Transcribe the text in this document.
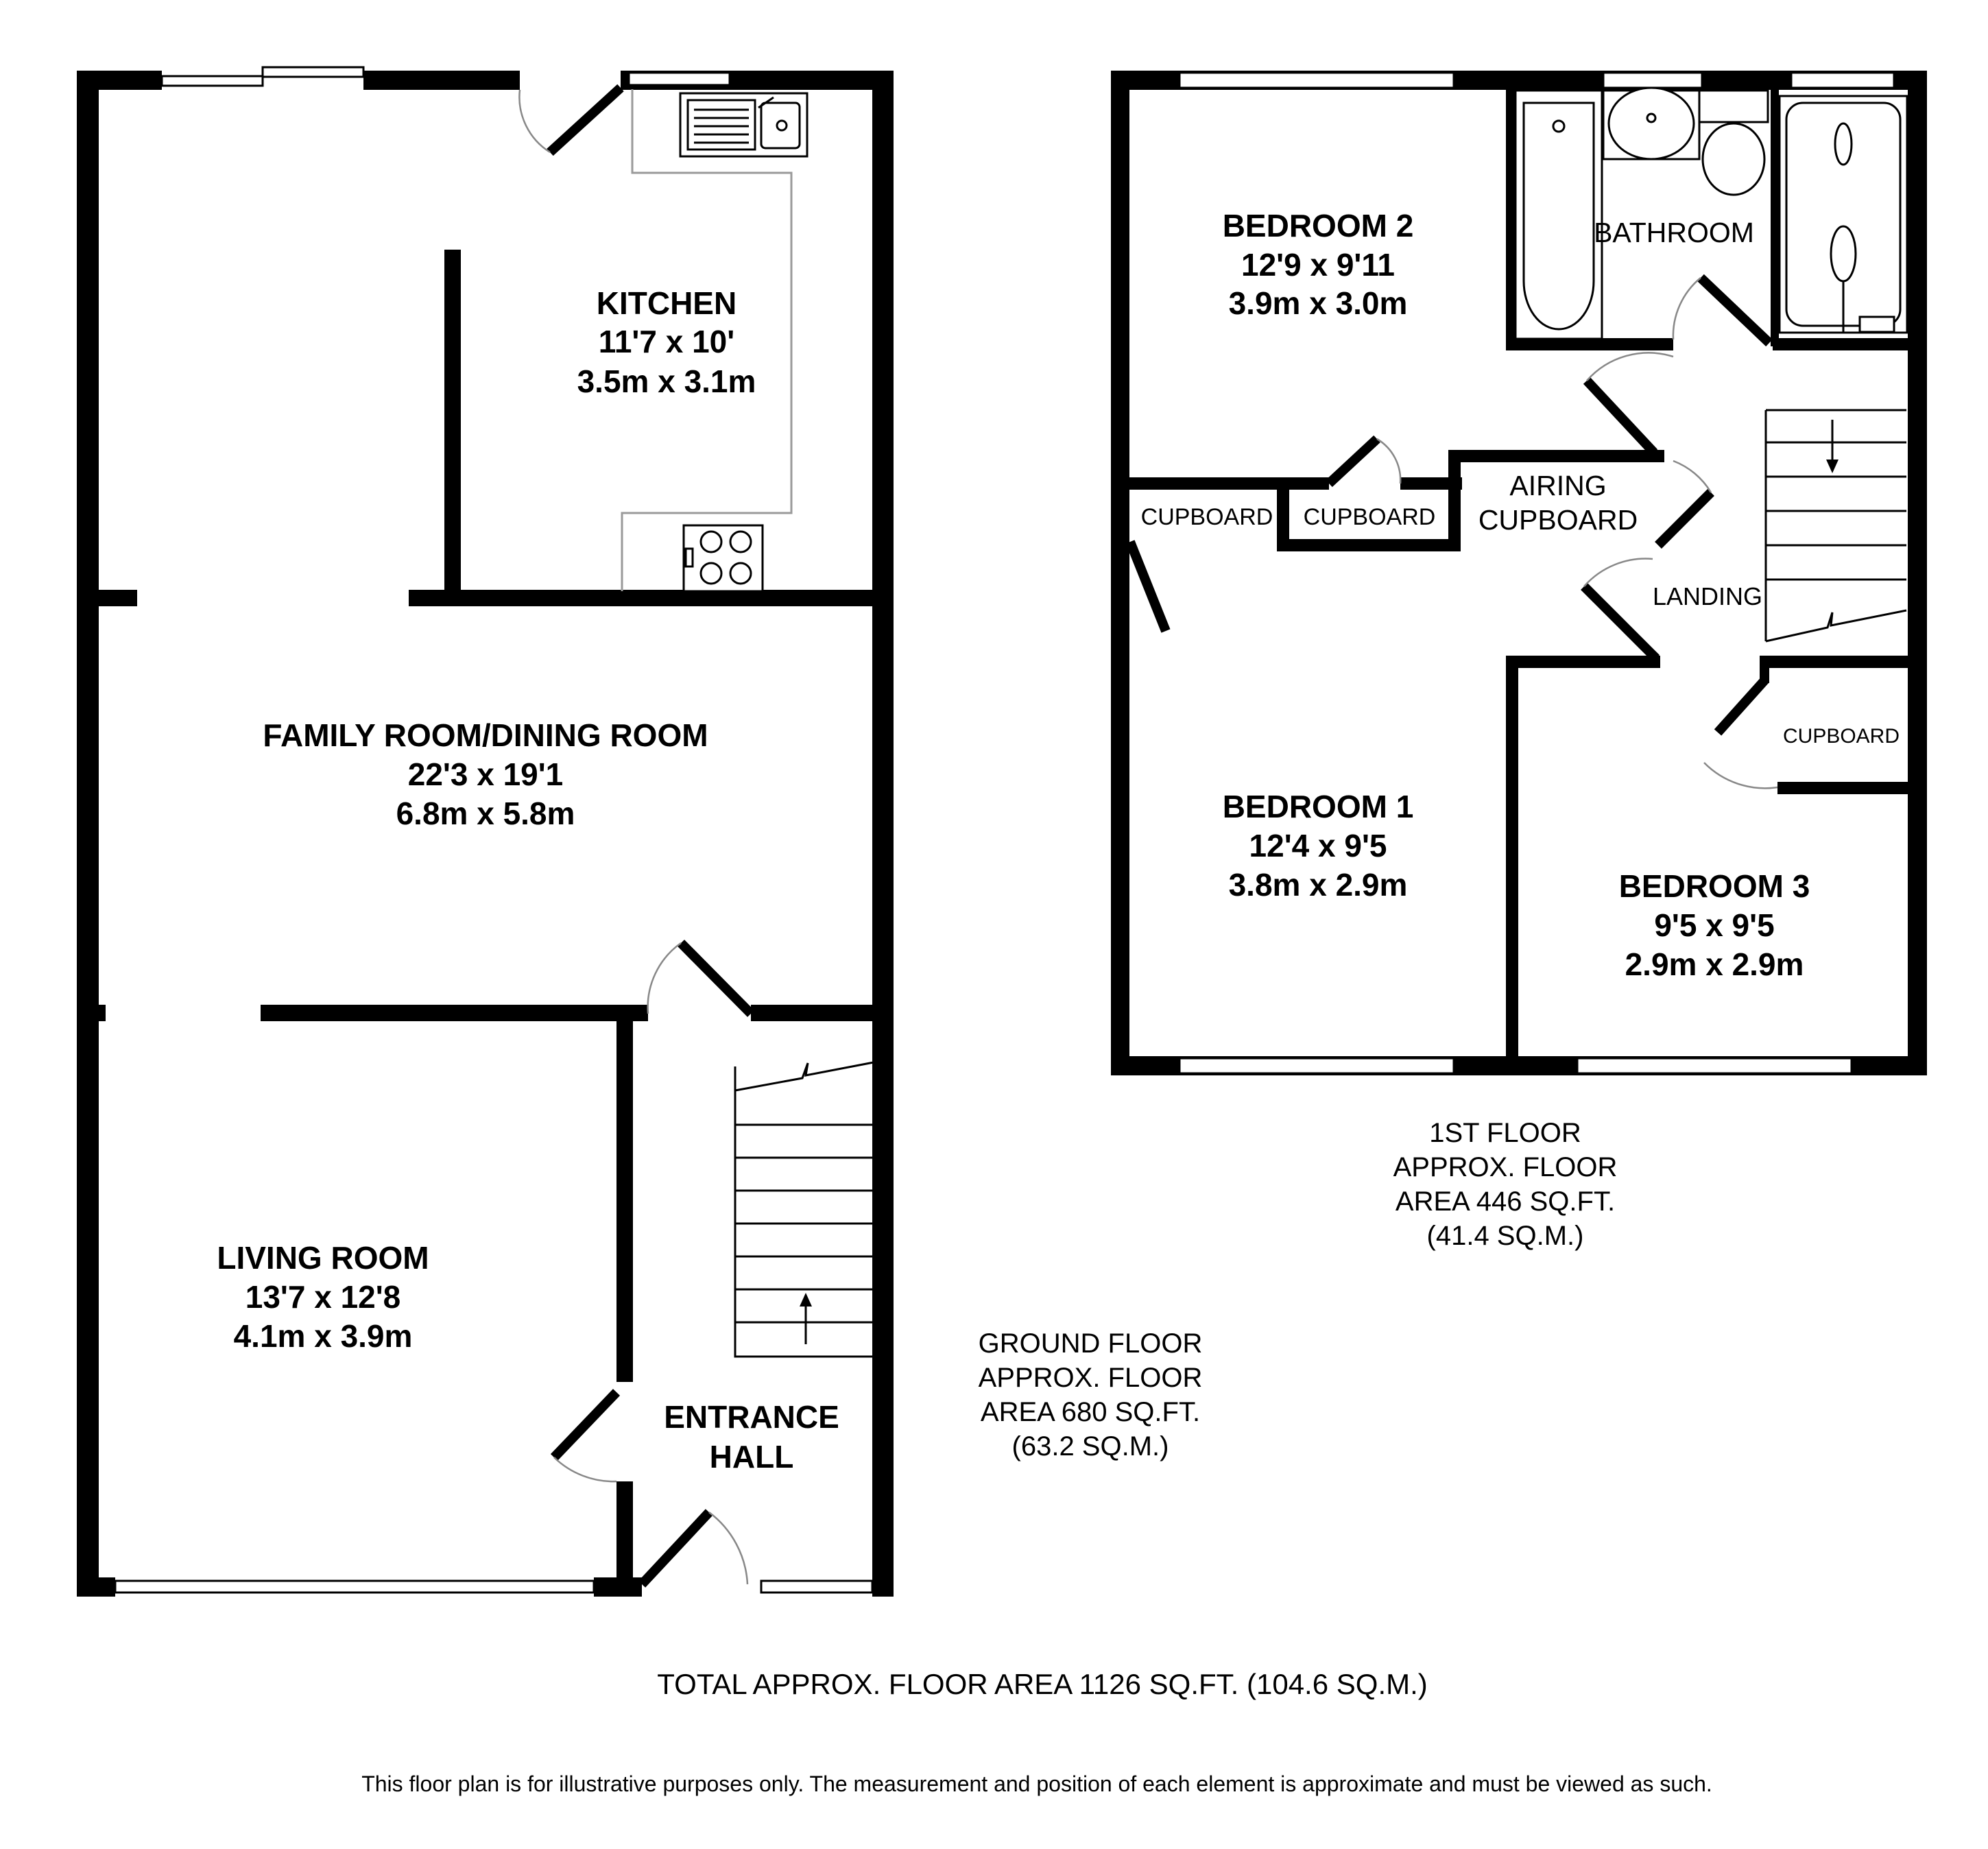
KITCHEN
11'7 x 10'
3.5m x 3.1m
FAMILY ROOM/DINING ROOM
22'3 x 19'1
6.8m x 5.8m
LIVING ROOM
13'7 x 12'8
4.1m x 3.9m
ENTRANCE
HALL
GROUND FLOOR
APPROX. FLOOR
AREA 680 SQ.FT.
(63.2 SQ.M.)
BEDROOM 2
12'9 x 9'11
3.9m x 3.0m
BATHROOM
BEDROOM 1
12'4 x 9'5
3.8m x 2.9m	BEDROOM 3
9'5 x 9'5
2.9m x 2.9m
LANDING
CUPBOARD CUPBOARD
AIRING
CUPBOARD
CUPBOARD
1ST FLOOR
APPROX. FLOOR
AREA 446 SQ.FT.
(41.4 SQ.M.)
TOTAL APPROX. FLOOR AREA 1126 SQ.FT. (104.6 SQ.M.)
This floor plan is for illustrative purposes only. The measurement and position of each element is approximate and must be viewed as such.
